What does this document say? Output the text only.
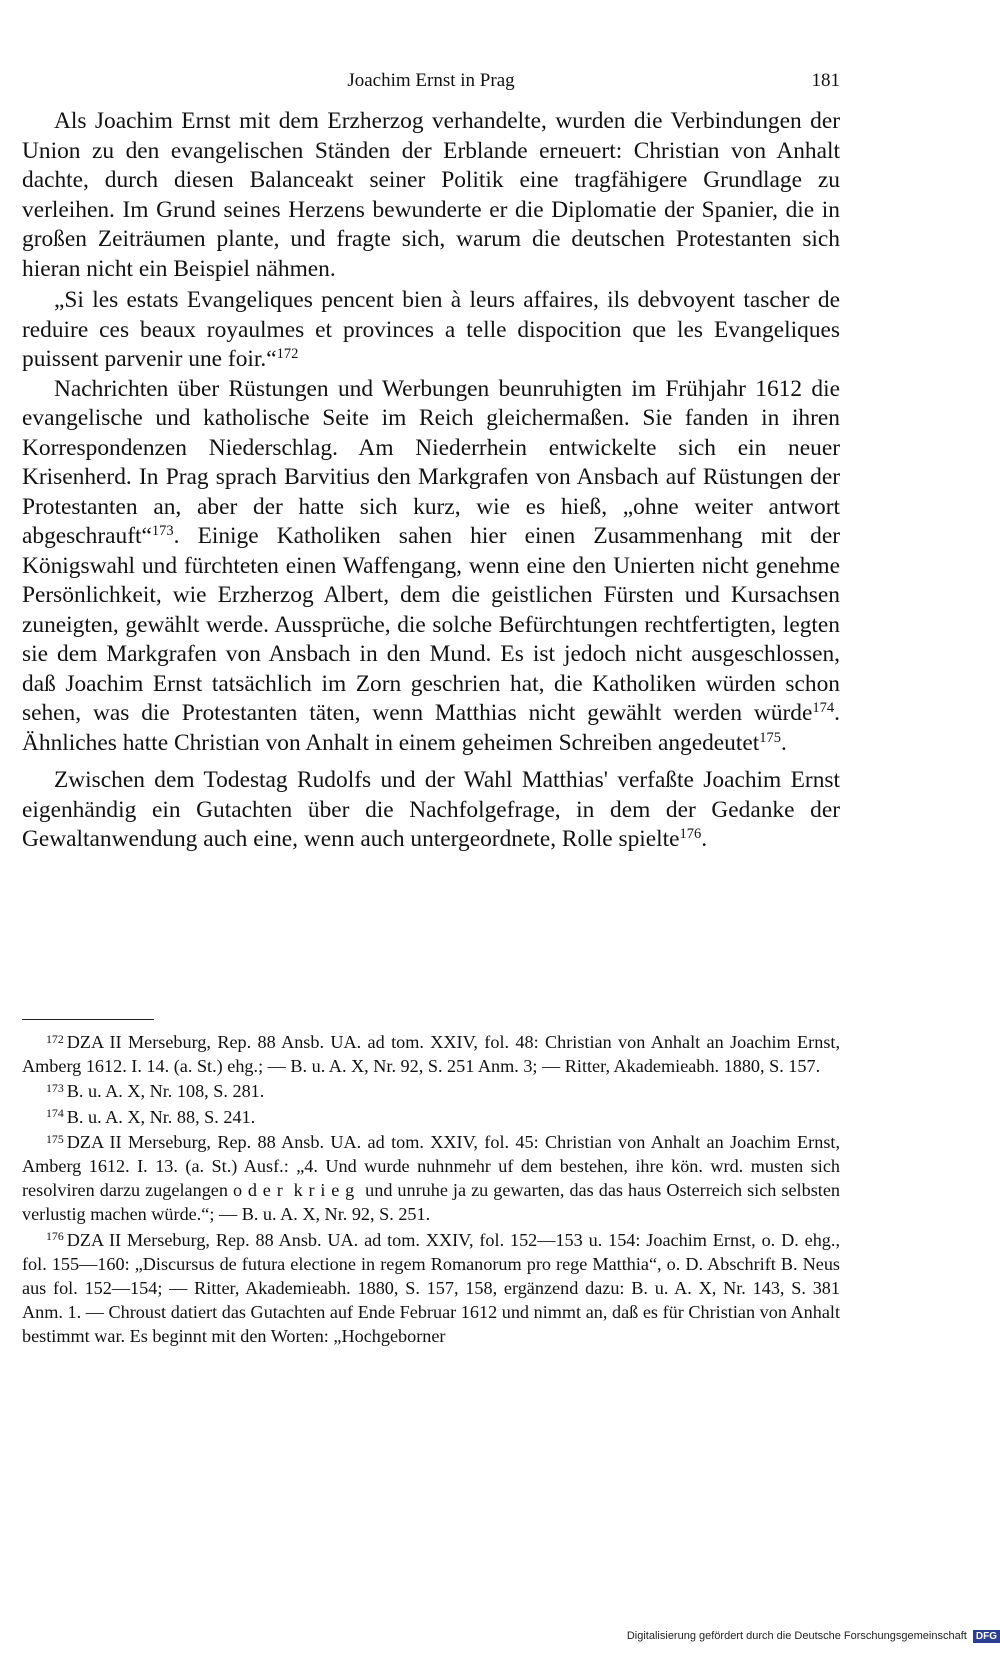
Joachim Ernst in Prag	181

Als Joachim Ernst mit dem Erzherzog verhandelte, wurden die Verbindungen der Union zu den evangelischen Ständen der Erblande erneuert: Christian von Anhalt dachte, durch diesen Balanceakt seiner Politik eine tragfähigere Grundlage zu verleihen. Im Grund seines Herzens bewunderte er die Diplomatie der Spanier, die in großen Zeiträumen plante, und fragte sich, warum die deutschen Protestanten sich hieran nicht ein Beispiel nähmen.

„Si les estats Evangeliques pencent bien à leurs affaires, ils debvoyent tascher de reduire ces beaux royaulmes et provinces a telle dispocition que les Evangeliques puissent parvenir une foir.“$^{172}$

Nachrichten über Rüstungen und Werbungen beunruhigten im Frühjahr 1612 die evangelische und katholische Seite im Reich gleichermaßen. Sie fanden in ihren Korrespondenzen Niederschlag. Am Niederrhein entwickelte sich ein neuer Krisenherd. In Prag sprach Barvitius den Markgrafen von Ansbach auf Rüstungen der Protestanten an, aber der hatte sich kurz, wie es hieß, „ohne weiter antwort abgeschrauft“$^{173}$. Einige Katholiken sahen hier einen Zusammenhang mit der Königswahl und fürchteten einen Waffengang, wenn eine den Unierten nicht genehme Persönlichkeit, wie Erzherzog Albert, dem die geistlichen Fürsten und Kursachsen zuneigten, gewählt werde. Aussprüche, die solche Befürchtungen rechtfertigten, legten sie dem Markgrafen von Ansbach in den Mund. Es ist jedoch nicht ausgeschlossen, daß Joachim Ernst tatsächlich im Zorn geschrien hat, die Katholiken würden schon sehen, was die Protestanten täten, wenn Matthias nicht gewählt werden würde$^{174}$. Ähnliches hatte Christian von Anhalt in einem geheimen Schreiben angedeutet$^{175}$.

Zwischen dem Todestag Rudolfs und der Wahl Matthias' verfaßte Joachim Ernst eigenhändig ein Gutachten über die Nachfolgefrage, in dem der Gedanke der Gewaltanwendung auch eine, wenn auch untergeordnete, Rolle spielte$^{176}$.

$^{172}$ DZA II Merseburg, Rep. 88 Ansb. UA. ad tom. XXIV, fol. 48: Christian von Anhalt an Joachim Ernst, Amberg 1612. I. 14. (a. St.) ehg.; — B. u. A. X, Nr. 92, S. 251 Anm. 3; — Ritter, Akademieabh. 1880, S. 157.

$^{173}$ B. u. A. X, Nr. 108, S. 281.

$^{174}$ B. u. A. X, Nr. 88, S. 241.

$^{175}$ DZA II Merseburg, Rep. 88 Ansb. UA. ad tom. XXIV, fol. 45: Christian von Anhalt an Joachim Ernst, Amberg 1612. I. 13. (a. St.) Ausf.: „4. Und wurde nuhnmehr uf dem bestehen, ihre kön. wrd. musten sich resolviren darzu zugelangen oder krieg und unruhe ja zu gewarten, das das haus Osterreich sich selbsten verlustig machen würde.“; — B. u. A. X, Nr. 92, S. 251.

$^{176}$ DZA II Merseburg, Rep. 88 Ansb. UA. ad tom. XXIV, fol. 152—153 u. 154: Joachim Ernst, o. D. ehg., fol. 155—160: „Discursus de futura electione in regem Romanorum pro rege Matthia“, o. D. Abschrift B. Neus aus fol. 152—154; — Ritter, Akademieabh. 1880, S. 157, 158, ergänzend dazu: B. u. A. X, Nr. 143, S. 381 Anm. 1. — Chroust datiert das Gutachten auf Ende Februar 1612 und nimmt an, daß es für Christian von Anhalt bestimmt war. Es beginnt mit den Worten: „Hochgeborner

Digitalisierung gefördert durch die Deutsche Forschungsgemeinschaft DFG
